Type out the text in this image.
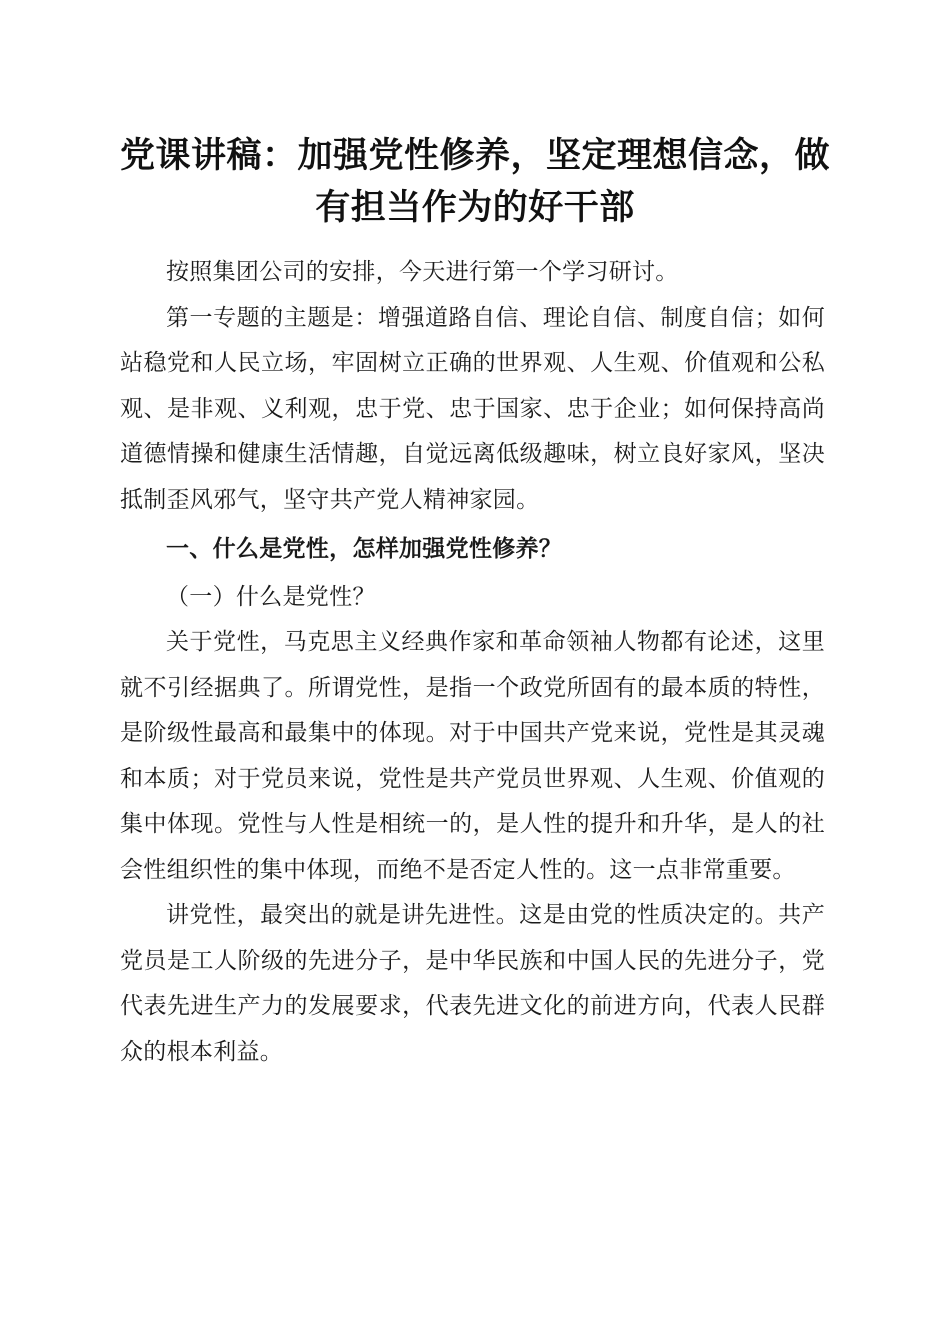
党课讲稿：加强党性修养，坚定理想信念，做
有担当作为的好干部

按照集团公司的安排，今天进行第一个学习研讨。

第一专题的主题是：增强道路自信、理论自信、制度自信；如何站稳党和人民立场，牢固树立正确的世界观、人生观、价值观和公私观、是非观、义利观，忠于党、忠于国家、忠于企业；如何保持高尚道德情操和健康生活情趣，自觉远离低级趣味，树立良好家风，坚决抵制歪风邪气，坚守共产党人精神家园。

一、什么是党性，怎样加强党性修养？

（一）什么是党性？

关于党性，马克思主义经典作家和革命领袖人物都有论述，这里就不引经据典了。所谓党性，是指一个政党所固有的最本质的特性，是阶级性最高和最集中的体现。对于中国共产党来说，党性是其灵魂和本质；对于党员来说，党性是共产党员世界观、人生观、价值观的集中体现。党性与人性是相统一的，是人性的提升和升华，是人的社会性组织性的集中体现，而绝不是否定人性的。这一点非常重要。

讲党性，最突出的就是讲先进性。这是由党的性质决定的。共产党员是工人阶级的先进分子，是中华民族和中国人民的先进分子，党代表先进生产力的发展要求，代表先进文化的前进方向，代表人民群众的根本利益。
